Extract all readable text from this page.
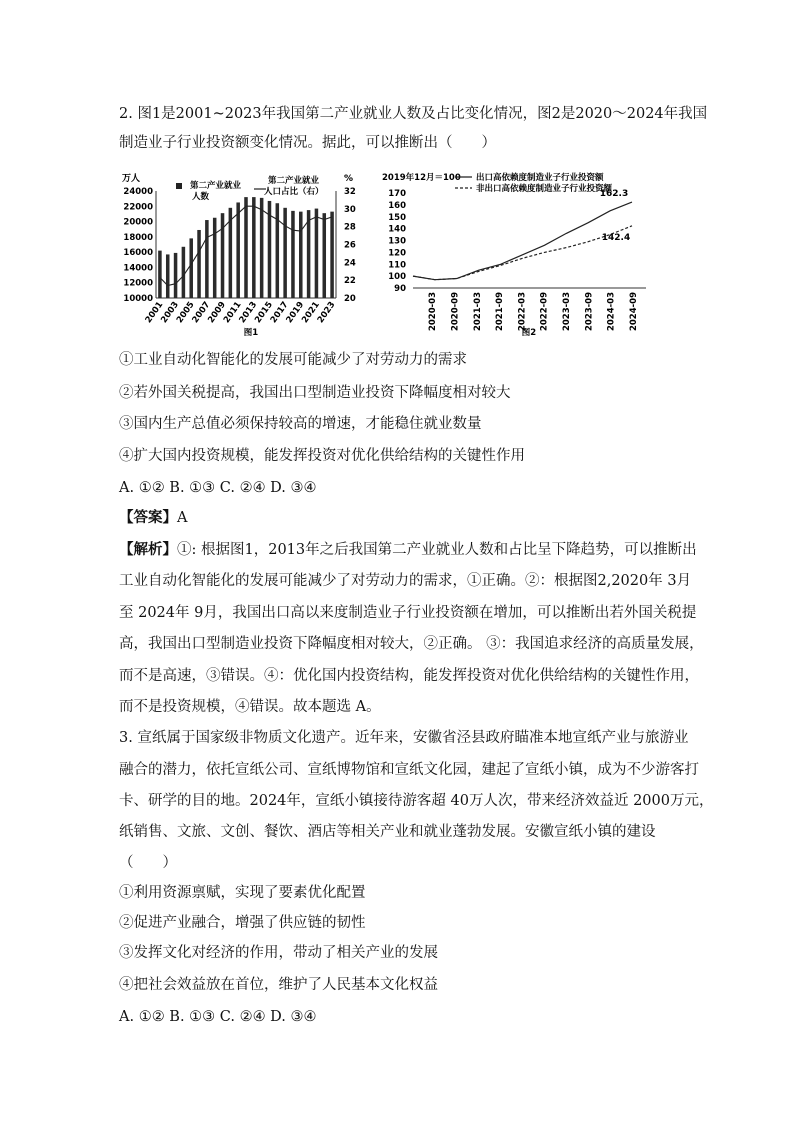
2. 图1是2001~2023年我国第二产业就业人数及占比变化情况，图2是2020～2024年我国
制造业子行业投资额变化情况。据此，可以推断出（　　）
万人	%
10000
12000
14000
16000
18000
20000
22000
24000
20
22
24
26
28
30
32
第二产业就业
人数
第二产业就业
人口占比（右）
2001
2003
2005
2007
2009
2011
2013
2015
2017
2019
2021
2023
图1
2019年12月＝100 出口高依赖度制造业子行业投资额
非出口高依赖度制造业子行业投资额
90
100
110
120
130
140
150
160
170	162.3
142.4
2020-03 2020-09 2021-03 2021-09 2022-03 2022-09 2023-03 2023-09 2024-03 2024-09
图2
①工业自动化智能化的发展可能减少了对劳动力的需求
②若外国关税提高，我国出口型制造业投资下降幅度相对较大
③国内生产总值必须保持较高的增速，才能稳住就业数量
④扩大国内投资规模，能发挥投资对优化供给结构的关键性作用
A. ①② B. ①③ C. ②④ D. ③④
【答案】A
【解析】①: 根据图1，2013年之后我国第二产业就业人数和占比呈下降趋势，可以推断出
工业自动化智能化的发展可能减少了对劳动力的需求，①正确。②：根据图2,2020年 3月
至 2024年 9月，我国出口高以来度制造业子行业投资额在增加，可以推断出若外国关税提
高，我国出口型制造业投资下降幅度相对较大，②正确。 ③：我国追求经济的高质量发展，
而不是高速，③错误。④：优化国内投资结构，能发挥投资对优化供给结构的关键性作用，
而不是投资规模，④错误。故本题选 A。
3. 宣纸属于国家级非物质文化遗产。近年来，安徽省泾县政府瞄准本地宣纸产业与旅游业
融合的潜力，依托宣纸公司、宣纸博物馆和宣纸文化园，建起了宣纸小镇，成为不少游客打
卡、研学的目的地。2024年，宣纸小镇接待游客超 40万人次，带来经济效益近 2000万元，
纸销售、文旅、文创、餐饮、酒店等相关产业和就业蓬勃发展。安徽宣纸小镇的建设
（　　）
①利用资源禀赋，实现了要素优化配置
②促进产业融合，增强了供应链的韧性
③发挥文化对经济的作用，带动了相关产业的发展
④把社会效益放在首位，维护了人民基本文化权益
A. ①② B. ①③ C. ②④ D. ③④
